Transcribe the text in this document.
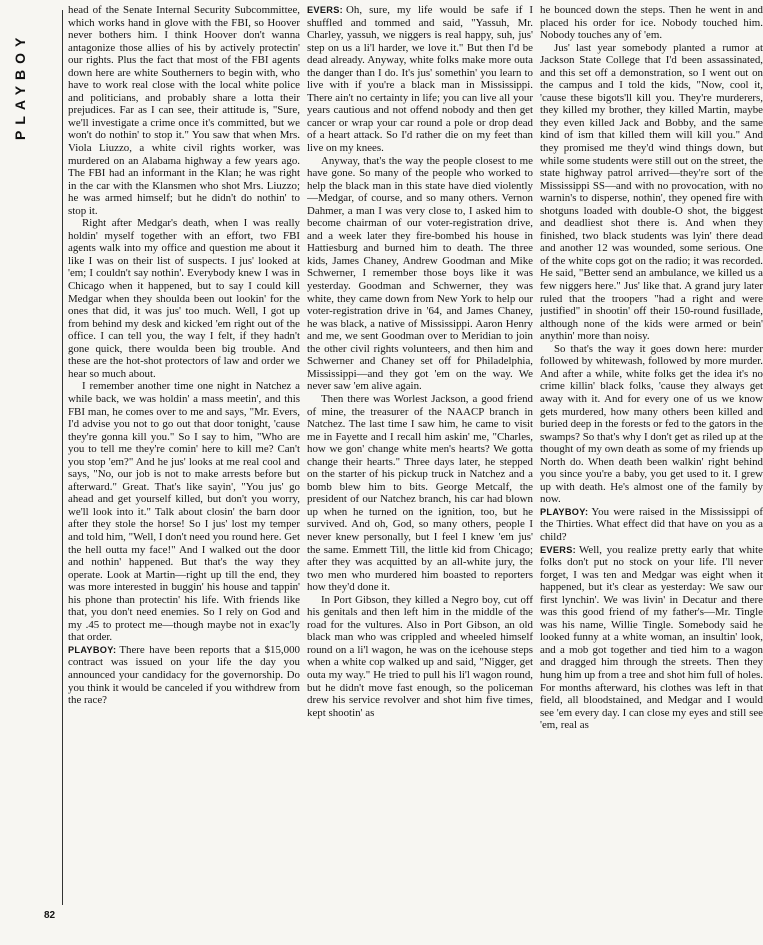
PLAYBOY

head of the Senate Internal Security Subcommittee, which works hand in glove with the FBI, so Hoover never bothers him. I think Hoover don't wanna antagonize those allies of his by actively protectin' our rights. Plus the fact that most of the FBI agents down here are white Southerners to begin with, who have to work real close with the local white police and politicians, and probably share a lotta their prejudices. Far as I can see, their attitude is, "Sure, we'll investigate a crime once it's committed, but we won't do nothin' to stop it." You saw that when Mrs. Viola Liuzzo, a white civil rights worker, was murdered on an Alabama highway a few years ago. The FBI had an informant in the Klan; he was right in the car with the Klansmen who shot Mrs. Liuzzo; he was armed himself; but he didn't do nothin' to stop it.

Right after Medgar's death, when I was really holdin' myself together with an effort, two FBI agents walk into my office and question me about it like I was on their list of suspects. I jus' looked at 'em; I couldn't say nothin'. Everybody knew I was in Chicago when it happened, but to say I could kill Medgar when they shoulda been out lookin' for the ones that did, it was jus' too much. Well, I got up from behind my desk and kicked 'em right out of the office. I can tell you, the way I felt, if they hadn't gone quick, there woulda been big trouble. And these are the hot-shot protectors of law and order we hear so much about.

I remember another time one night in Natchez a while back, we was holdin' a mass meetin', and this FBI man, he comes over to me and says, "Mr. Evers, I'd advise you not to go out that door tonight, 'cause they're gonna kill you." So I say to him, "Who are you to tell me they're comin' here to kill me? Can't you stop 'em?" And he jus' looks at me real cool and says, "No, our job is not to make arrests before but afterward." Great. That's like sayin', "You jus' go ahead and get yourself killed, but don't you worry, we'll look into it." Talk about closin' the barn door after they stole the horse! So I jus' lost my temper and told him, "Well, I don't need you round here. Get the hell outta my face!" And I walked out the door and nothin' happened. But that's the way they operate. Look at Martin—right up till the end, they was more interested in buggin' his house and tappin' his phone than protectin' his life. With friends like that, you don't need enemies. So I rely on God and my .45 to protect me—though maybe not in exac'ly that order.

PLAYBOY: There have been reports that a $15,000 contract was issued on your life the day you announced your candidacy for the governorship. Do you think it would be canceled if you withdrew from the race?

EVERS: Oh, sure, my life would be safe if I shuffled and tommed and said, "Yassuh, Mr. Charley, yassuh, we niggers is real happy, suh, jus' step on us a li'l harder, we love it." But then I'd be dead already. Anyway, white folks make more outa the danger than I do. It's jus' somethin' you learn to live with if you're a black man in Mississippi. There ain't no certainty in life; you can live all your years cautious and not offend nobody and then get cancer or wrap your car round a pole or drop dead of a heart attack. So I'd rather die on my feet than live on my knees.

Anyway, that's the way the people closest to me have gone. So many of the people who worked to help the black man in this state have died violently—Medgar, of course, and so many others. Vernon Dahmer, a man I was very close to, I asked him to become chairman of our voter-registration drive, and a week later they fire-bombed his house in Hattiesburg and burned him to death. The three kids, James Chaney, Andrew Goodman and Mike Schwerner, I remember those boys like it was yesterday. Goodman and Schwerner, they was white, they came down from New York to help our voter-registration drive in '64, and James Chaney, he was black, a native of Mississippi. Aaron Henry and me, we sent Goodman over to Meridian to join the other civil rights volunteers, and then him and Schwerner and Chaney set off for Philadelphia, Mississippi—and they got 'em on the way. We never saw 'em alive again.

Then there was Worlest Jackson, a good friend of mine, the treasurer of the NAACP branch in Natchez. The last time I saw him, he came to visit me in Fayette and I recall him askin' me, "Charles, how we gon' change white men's hearts? We gotta change their hearts." Three days later, he stepped on the starter of his pickup truck in Natchez and a bomb blew him to bits. George Metcalf, the president of our Natchez branch, his car had blown up when he turned on the ignition, too, but he survived. And oh, God, so many others, people I never knew personally, but I feel I knew 'em jus' the same. Emmett Till, the little kid from Chicago; after they was acquitted by an all-white jury, the two men who murdered him boasted to reporters how they'd done it.

In Port Gibson, they killed a Negro boy, cut off his genitals and then left him in the middle of the road for the vultures. Also in Port Gibson, an old black man who was crippled and wheeled himself round on a li'l wagon, he was on the icehouse steps when a white cop walked up and said, "Nigger, get outa my way." He tried to pull his li'l wagon round, but he didn't move fast enough, so the policeman drew his service revolver and shot him five times, kept shootin' as

he bounced down the steps. Then he went in and placed his order for ice. Nobody touched him. Nobody touches any of 'em.

Jus' last year somebody planted a rumor at Jackson State College that I'd been assassinated, and this set off a demonstration, so I went out on the campus and I told the kids, "Now, cool it, 'cause these bigots'll kill you. They're murderers, they killed my brother, they killed Martin, maybe they even killed Jack and Bobby, and the same kind of ism that killed them will kill you." And they promised me they'd wind things down, but while some students were still out on the street, the state highway patrol arrived—they're sort of the Mississippi SS—and with no provocation, with no warnin's to disperse, nothin', they opened fire with shotguns loaded with double-O shot, the biggest and deadliest shot there is. And when they finished, two black students was lyin' there dead and another 12 was wounded, some serious. One of the white cops got on the radio; it was recorded. He said, "Better send an ambulance, we killed us a few niggers here." Jus' like that. A grand jury later ruled that the troopers "had a right and were justified" in shootin' off their 150-round fusillade, although none of the kids were armed or bein' anythin' more than noisy.

So that's the way it goes down here: murder followed by whitewash, followed by more murder. And after a while, white folks get the idea it's no crime killin' black folks, 'cause they always get away with it. And for every one of us we know gets murdered, how many others been killed and buried deep in the forests or fed to the gators in the swamps? So that's why I don't get as riled up at the thought of my own death as some of my friends up North do. When death been walkin' right behind you since you're a baby, you get used to it. I grew up with death. He's almost one of the family by now.

PLAYBOY: You were raised in the Mississippi of the Thirties. What effect did that have on you as a child?

EVERS: Well, you realize pretty early that white folks don't put no stock on your life. I'll never forget, I was ten and Medgar was eight when it happened, but it's clear as yesterday: We saw our first lynchin'. We was livin' in Decatur and there was this good friend of my father's—Mr. Tingle was his name, Willie Tingle. Somebody said he looked funny at a white woman, an insultin' look, and a mob got together and tied him to a wagon and dragged him through the streets. Then they hung him up from a tree and shot him full of holes. For months afterward, his clothes was left in that field, all bloodstained, and Medgar and I would see 'em every day. I can close my eyes and still see 'em, real as

82
